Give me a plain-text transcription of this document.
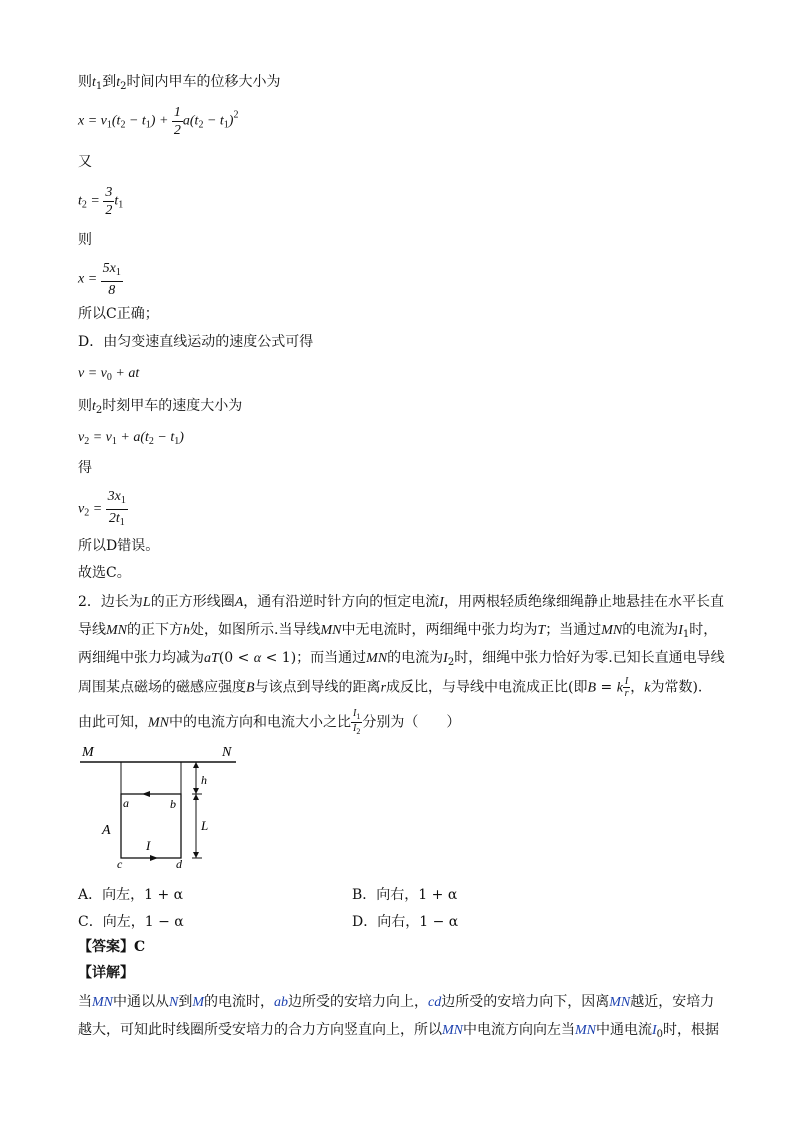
则$t_1$到$t_2$时间内甲车的位移大小为
$x = v_1(t_2 - t_1) + \frac{1}{2} a(t_2 - t_1)^2$
又
$t_2 = \frac{3}{2} t_1$
则
$x = \frac{5x_1}{8}$
所以C正确；
D．由匀变速直线运动的速度公式可得
$v = v_0$ + at
则$t_2$时刻甲车的速度大小为
$v_2 = v_1 + a(t_2 - t_1)$
得
$v_2 = \frac{3x_1}{2t_1}$
所以D错误。
故选C。
2．边长为L的正方形线圈A，通有沿逆时针方向的恒定电流I，用两根轻质绝缘细绳静止地悬挂在水平长直
导线MN的正下方h处，如图所示.当导线MN中无电流时，两细绳中张力均为T；当通过MN的电流为$I_1$时，
两细绳中张力均减为aT(0 < α < 1)；而当通过MN的电流为$I_2$时，细绳中张力恰好为零.已知长直通电导线
周围某点磁场的磁感应强度B与该点到导线的距离r成反比，与导线中电流成正比(即B = k $\frac{I}{r}$ ，k为常数).
由此可知，MN中的电流方向和电流大小之比 $\frac{I_1}{I_2}$ 分别为（　　）
M	N
a	b
c	d
A
I
h
L
A．向左，1 + α	B．向右，1 + α
C．向左，1 − α	D．向右，1 − α
【答案】C
【详解】
当MN中通以从N到M的电流时，ab边所受的安培力向上，cd边所受的安培力向下，因离MN越近，安培力
越大，可知此时线圈所受安培力的合力方向竖直向上，所以MN中电流方向向左当MN中通电流$I_0$时，根据
